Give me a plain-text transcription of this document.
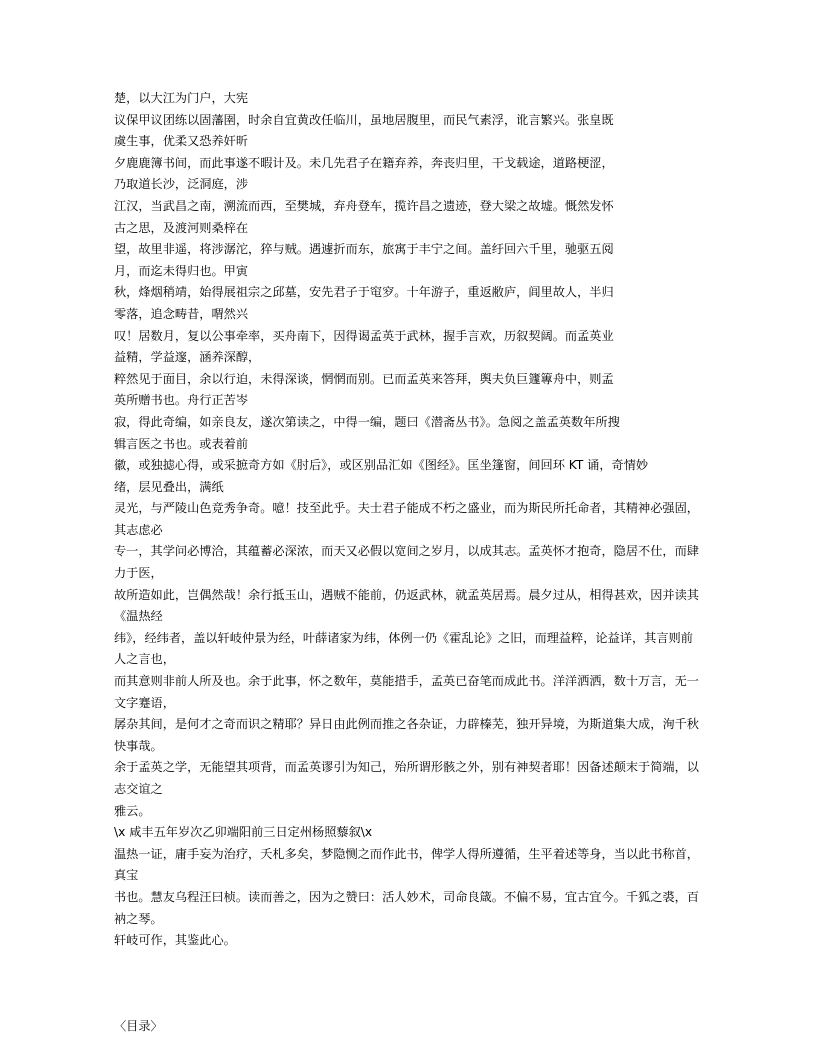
楚，以大江为门户，大宪
议保甲议团练以固藩圉，时余自宜黄改任临川，虽地居腹里，而民气素浮，讹言繁兴。张皇既
虞生事，优柔又恐养奸昕
夕鹿鹿簿书间，而此事遂不暇计及。未几先君子在籍弃养，奔丧归里，干戈载途，道路梗涩，
乃取道长沙，泛洞庭，涉
江汉，当武昌之南，溯流而西，至樊城，弃舟登车，揽许昌之遗迹，登大梁之故墟。慨然发怀
古之思，及渡河则桑梓在
望，故里非遥，将涉潺沱，猝与贼。遇遽折而东，旅寓于丰宁之间。盖纡回六千里，驰驱五阅
月，而迄未得归也。甲寅
秋，烽烟稍靖，始得展祖宗之邱墓，安先君子于窀穸。十年游子，重返敝庐，闾里故人，半归
零落，追念畴昔，喟然兴
叹！居数月，复以公事牵率，买舟南下，因得谒孟英于武林，握手言欢，历叙契阔。而孟英业
益精，学益邃，涵养深醇，
粹然见于面目，余以行迫，未得深谈，惘惘而别。已而孟英来答拜，舆夫负巨籧篿舟中，则孟
英所赠书也。舟行正苦岑
寂，得此奇编，如亲良友，遂次第读之，中得一编，题曰《潜斋丛书》。急阅之盖孟英数年所搜
辑言医之书也。或表着前
徽，或独摅心得，或采摭奇方如《肘后》，或区别品汇如《图经》。匡坐篷窗，间回环 KT 诵，奇情妙
绪，层见叠出，满纸
灵光，与严陵山色竞秀争奇。噫！技至此乎。夫士君子能成不朽之盛业，而为斯民所托命者，其精神必强固，其志虑必
专一，其学问必博洽，其蕴蓄必深浓，而天又必假以宽间之岁月，以成其志。孟英怀才抱奇，隐居不仕，而肆力于医，
故所造如此，岂偶然哉！余行抵玉山，遇贼不能前，仍返武林，就孟英居焉。晨夕过从，相得甚欢，因并读其《温热经
纬》，经纬者，盖以轩岐仲景为经，叶薛诸家为纬，体例一仍《霍乱论》之旧，而理益粹，论益详，其言则前人之言也，
而其意则非前人所及也。余于此事，怀之数年，莫能措手，孟英已奋笔而成此书。洋洋洒洒，数十万言，无一文字蹇语，
孱杂其间，是何才之奇而识之精耶？异日由此例而推之各杂证，力辟榛芜，独开异境，为斯道集大成，洵千秋快事哉。
余于孟英之学，无能望其项背，而孟英谬引为知己，殆所谓形骸之外，别有神契者耶！因备述颠末于简端，以志交谊之
雅云。
\x 咸丰五年岁次乙卯端阳前三日定州杨照藜叙\x
温热一证，庸手妄为治疗，夭札多矣，梦隐恻之而作此书，俾学人得所遵循，生平着述等身，当以此书称首，真宝
书也。慧友乌程汪曰桢。读而善之，因为之赞曰：活人妙术，司命良箴。不偏不易，宜古宜今。千狐之裘，百衲之琴。
轩岐可作，其鉴此心。
〈目录〉
